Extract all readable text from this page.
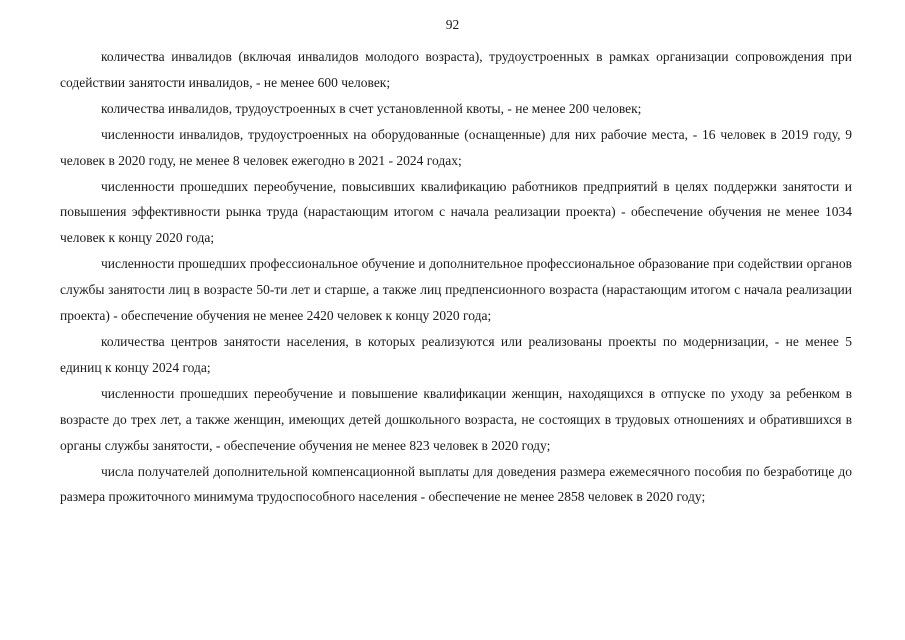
92

количества инвалидов (включая инвалидов молодого возраста), трудоустроенных в рамках организации сопровождения при содействии занятости инвалидов, - не менее 600 человек;

количества инвалидов, трудоустроенных в счет установленной квоты, - не менее 200 человек;

численности инвалидов, трудоустроенных на оборудованные (оснащенные) для них рабочие места, - 16 человек в 2019 году, 9 человек в 2020 году, не менее 8 человек ежегодно в 2021 - 2024 годах;

численности прошедших переобучение, повысивших квалификацию работников предприятий в целях поддержки занятости и повышения эффективности рынка труда (нарастающим итогом с начала реализации проекта) - обеспечение обучения не менее 1034 человек к концу 2020 года;

численности прошедших профессиональное обучение и дополнительное профессиональное образование при содействии органов службы занятости лиц в возрасте 50-ти лет и старше, а также лиц предпенсионного возраста (нарастающим итогом с начала реализации проекта) - обеспечение обучения не менее 2420 человек к концу 2020 года;

количества центров занятости населения, в которых реализуются или реализованы проекты по модернизации, - не менее 5 единиц к концу 2024 года;

численности прошедших переобучение и повышение квалификации женщин, находящихся в отпуске по уходу за ребенком в возрасте до трех лет, а также женщин, имеющих детей дошкольного возраста, не состоящих в трудовых отношениях и обратившихся в органы службы занятости, - обеспечение обучения не менее 823 человек в 2020 году;

числа получателей дополнительной компенсационной выплаты для доведения размера ежемесячного пособия по безработице до размера прожиточного минимума трудоспособного населения - обеспечение не менее 2858 человек в 2020 году;
